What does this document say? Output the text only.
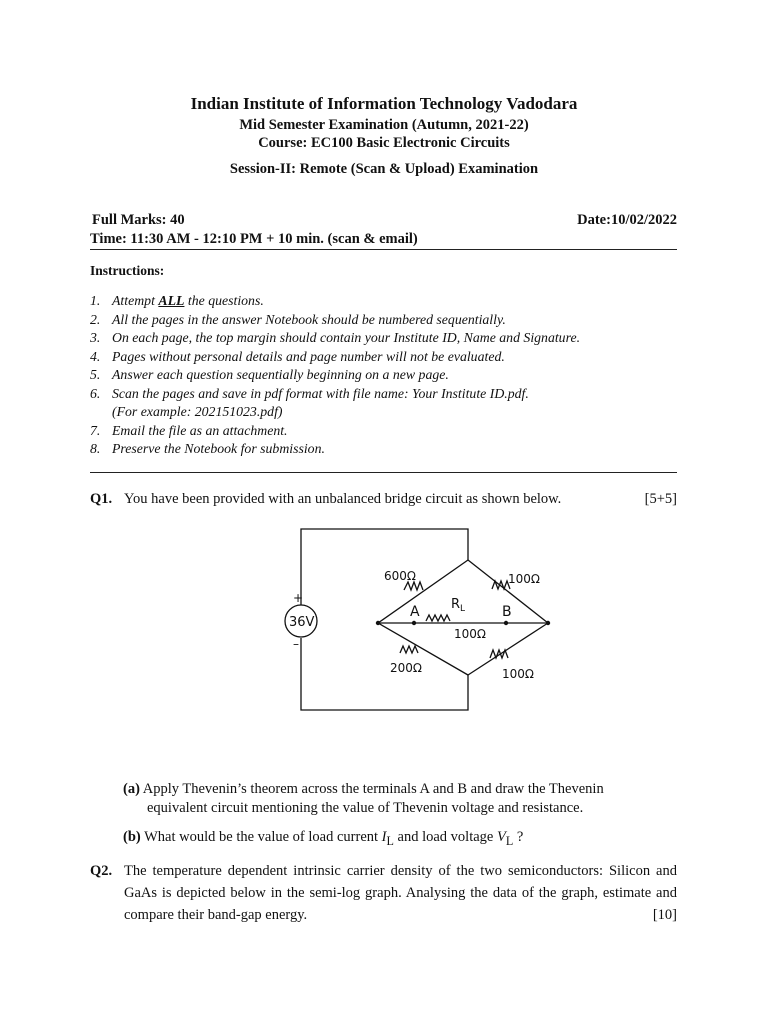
Indian Institute of Information Technology Vadodara
Mid Semester Examination (Autumn, 2021-22)
Course: EC100 Basic Electronic Circuits
Session-II: Remote (Scan & Upload) Examination
Full Marks: 40	Date:10/02/2022
Time: 11:30 AM - 12:10 PM + 10 min. (scan & email)
Instructions:
1. Attempt ALL the questions.
2. All the pages in the answer Notebook should be numbered sequentially.
3. On each page, the top margin should contain your Institute ID, Name and Signature.
4. Pages without personal details and page number will not be evaluated.
5. Answer each question sequentially beginning on a new page.
6. Scan the pages and save in pdf format with file name: Your Institute ID.pdf.
(For example: 202151023.pdf)
7. Email the file as an attachment.
8. Preserve the Notebook for submission.
Q1. You have been provided with an unbalanced bridge circuit as shown below.	[5+5]
+
–
36V
600Ω	100Ω
A	B
$R_L$
100Ω
200Ω	100Ω
(a) Apply Thevenin’s theorem across the terminals A and B and draw the Thevenin
equivalent circuit mentioning the value of Thevenin voltage and resistance.
(b) What would be the value of load current $I_L$ and load voltage $V_L$ ?
Q2. The temperature dependent intrinsic carrier density of the two semiconductors: Silicon and GaAs is depicted below in the semi-log graph. Analysing the data of the graph, estimate and compare their band-gap energy.	[10]
